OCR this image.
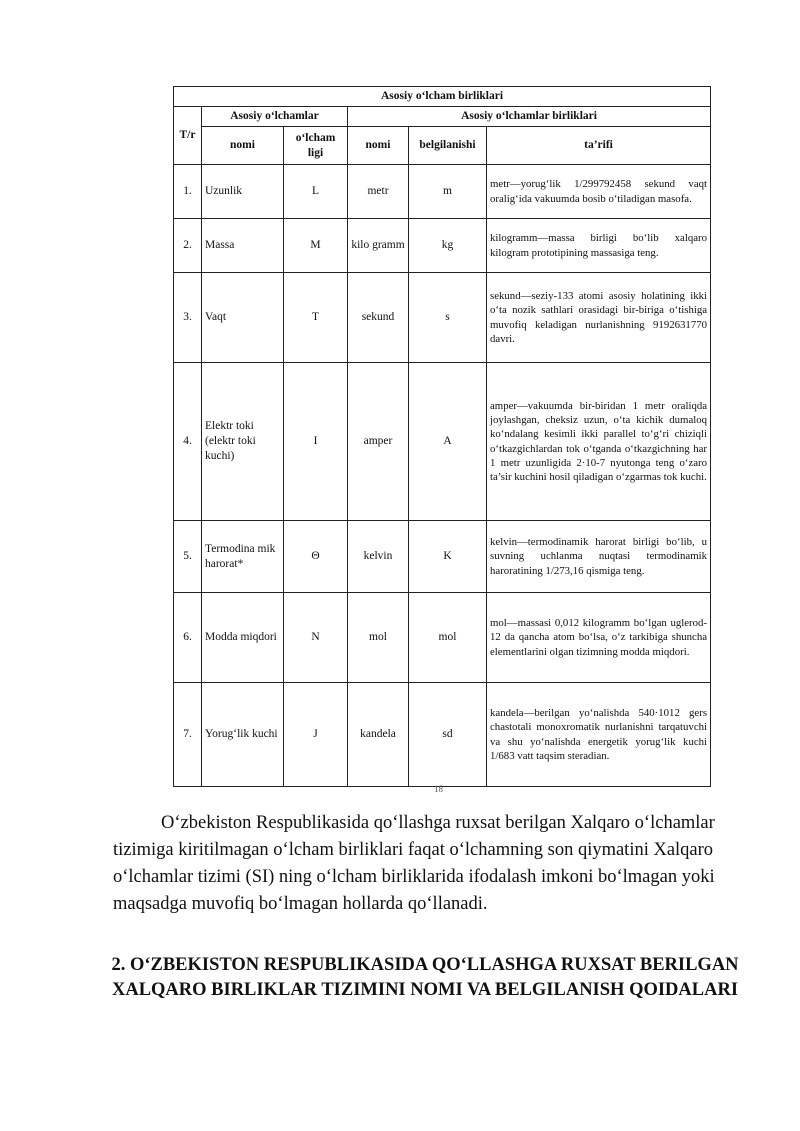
Asosiy o‘lcham birliklari					
T/r	Asosiy o‘lchamlar		Asosiy o‘lchamlar birliklari		
	nomi	o‘lcham ligi	nomi	belgilanishi	ta’rifi
1.	Uzunlik	L	metr	m	metr—yorug‘lik 1/299792458 sekund vaqt oralig‘ida vakuumda bosib o‘tiladigan masofa.
2.	Massa	M	kilo gramm	kg	kilogramm—massa birligi bo‘lib xalqaro kilogram prototipining massasiga teng.
3.	Vaqt	T	sekund	s	sekund—seziy-133 atomi asosiy holatining ikki o‘ta nozik sathlari orasidagi bir-biriga o‘tishiga muvofiq keladigan nurlanishning 9192631770 davri.
4.	Elektr toki (elektr toki kuchi)	I	amper	A	amper—vakuumda bir-biridan 1 metr oraliqda joylashgan, cheksiz uzun, o‘ta kichik dumaloq ko‘ndalang kesimli ikki parallel to‘g‘ri chiziqli o‘tkazgichlardan tok o‘tganda o‘tkazgichning har 1 metr uzunligida 2·10-7 nyutonga teng o‘zaro ta’sir kuchini hosil qiladigan o‘zgarmas tok kuchi.
5.	Termodina mik harorat*	Θ	kelvin	K	kelvin—termodinamik harorat birligi bo‘lib, u suvning uchlanma nuqtasi termodinamik haroratining 1/273,16 qismiga teng.
6.	Modda miqdori	N	mol	mol	mol—massasi 0,012 kilogramm bo‘lgan uglerod-12 da qancha atom bo‘lsa, o‘z tarkibiga shuncha elementlarini olgan tizimning modda miqdori.
7.	Yorug‘lik kuchi	J	kandela	sd	kandela—berilgan yo‘nalishda 540·1012 gers chastotali monoxromatik nurlanishni tarqatuvchi va shu yo‘nalishda energetik yorug‘lik kuchi 1/683 vatt taqsim steradian.
18

O‘zbekiston Respublikasida qo‘llashga ruxsat berilgan Xalqaro o‘lchamlar tizimiga kiritilmagan o‘lcham birliklari faqat o‘lchamning son qiymatini Xalqaro o‘lchamlar tizimi (SI) ning o‘lcham birliklarida ifodalash imkoni bo‘lmagan yoki maqsadga muvofiq bo‘lmagan hollarda qo‘llanadi.

2. O‘ZBEKISTON RESPUBLIKASIDA QO‘LLASHGA RUXSAT BERILGAN XALQARO BIRLIKLAR TIZIMINI NOMI VA BELGILANISH QOIDALARI
